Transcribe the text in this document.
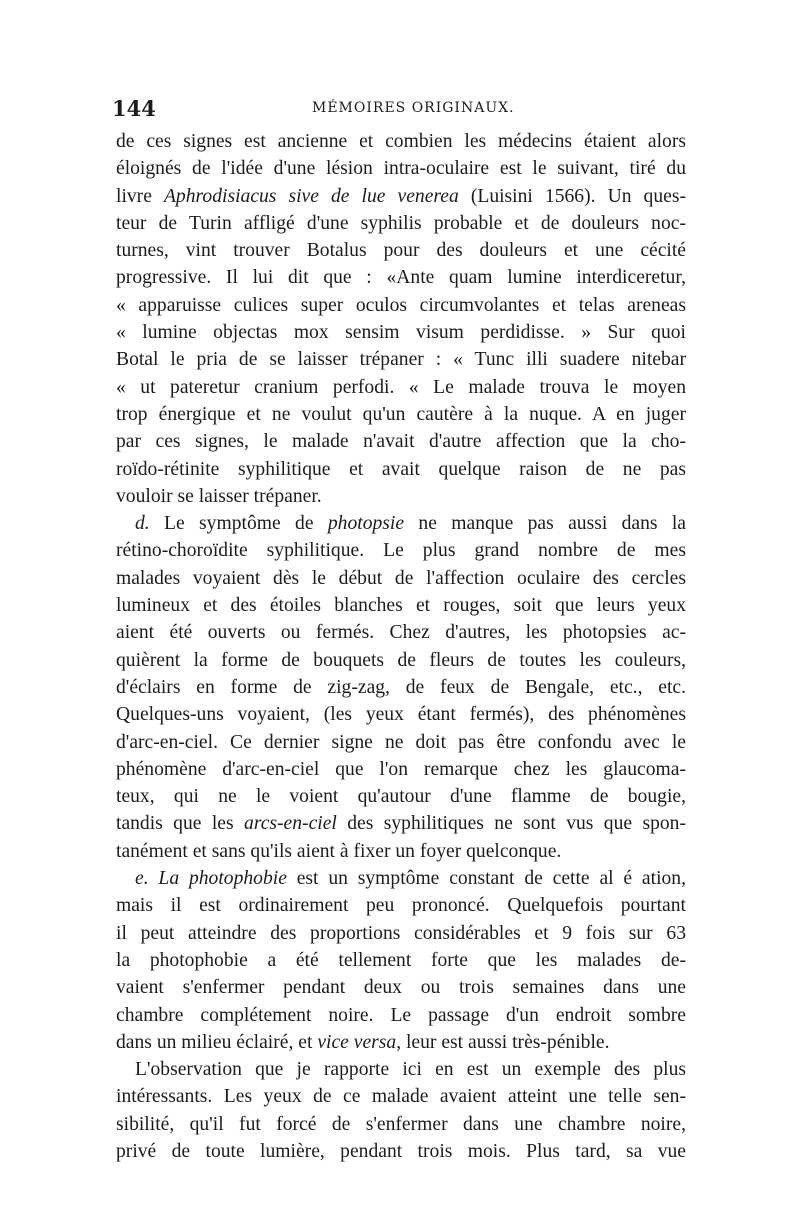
144	MÉMOIRES ORIGINAUX.

de ces signes est ancienne et combien les médecins étaient alors

éloignés de l'idée d'une lésion intra-oculaire est le suivant, tiré du

livre Aphrodisiacus sive de lue venerea (Luisini 1566). Un ques-

teur de Turin affligé d'une syphilis probable et de douleurs noc-

turnes, vint trouver Botalus pour des douleurs et une cécité

progressive. Il lui dit que : «Ante quam lumine interdiceretur,

« apparuisse culices super oculos circumvolantes et telas areneas

« lumine objectas mox sensim visum perdidisse. » Sur quoi

Botal le pria de se laisser trépaner : « Tunc illi suadere nitebar

« ut pateretur cranium perfodi. « Le malade trouva le moyen

trop énergique et ne voulut qu'un cautère à la nuque. A en juger

par ces signes, le malade n'avait d'autre affection que la cho-

roïdo-rétinite syphilitique et avait quelque raison de ne pas

vouloir se laisser trépaner.

d. Le symptôme de photopsie ne manque pas aussi dans la

rétino-choroïdite syphilitique. Le plus grand nombre de mes

malades voyaient dès le début de l'affection oculaire des cercles

lumineux et des étoiles blanches et rouges, soit que leurs yeux

aient été ouverts ou fermés. Chez d'autres, les photopsies ac-

quièrent la forme de bouquets de fleurs de toutes les couleurs,

d'éclairs en forme de zig-zag, de feux de Bengale, etc., etc.

Quelques-uns voyaient, (les yeux étant fermés), des phénomènes

d'arc-en-ciel. Ce dernier signe ne doit pas être confondu avec le

phénomène d'arc-en-ciel que l'on remarque chez les glaucoma-

teux, qui ne le voient qu'autour d'une flamme de bougie,

tandis que les arcs-en-ciel des syphilitiques ne sont vus que spon-

tanément et sans qu'ils aient à fixer un foyer quelconque.

e. La photophobie est un symptôme constant de cette al é ation,

mais il est ordinairement peu prononcé. Quelquefois pourtant

il peut atteindre des proportions considérables et 9 fois sur 63

la photophobie a été tellement forte que les malades de-

vaient s'enfermer pendant deux ou trois semaines dans une

chambre complétement noire. Le passage d'un endroit sombre

dans un milieu éclairé, et vice versa, leur est aussi très-pénible.

L'observation que je rapporte ici en est un exemple des plus

intéressants. Les yeux de ce malade avaient atteint une telle sen-

sibilité, qu'il fut forcé de s'enfermer dans une chambre noire,

privé de toute lumière, pendant trois mois. Plus tard, sa vue
